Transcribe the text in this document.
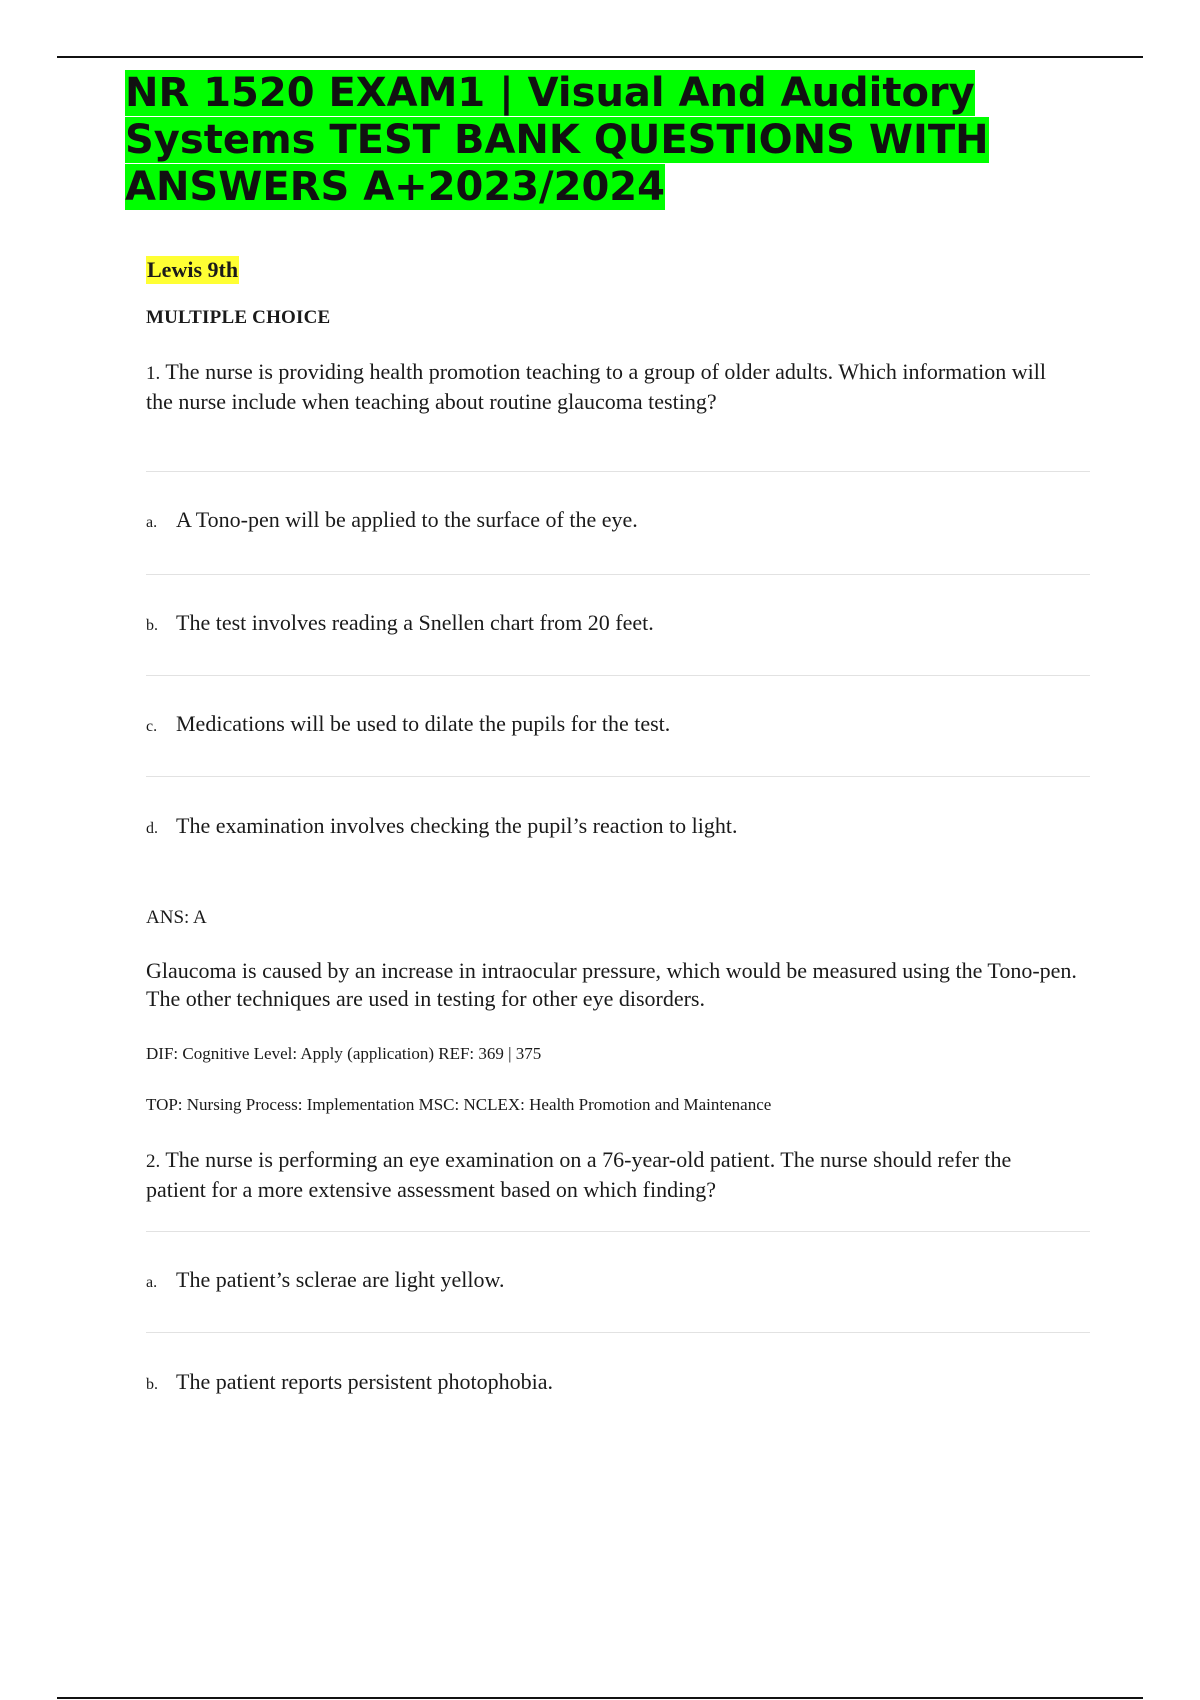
NR 1520 EXAM1 | Visual And Auditory Systems TEST BANK QUESTIONS WITH ANSWERS A+2023/2024
Lewis 9th
MULTIPLE CHOICE

1. The nurse is providing health promotion teaching to a group of older adults. Which information will the nurse include when teaching about routine glaucoma testing?

a. A Tono-pen will be applied to the surface of the eye.
b. The test involves reading a Snellen chart from 20 feet.
c. Medications will be used to dilate the pupils for the test.
d. The examination involves checking the pupil’s reaction to light.
ANS: A

Glaucoma is caused by an increase in intraocular pressure, which would be measured using the Tono-pen. The other techniques are used in testing for other eye disorders.

DIF: Cognitive Level: Apply (application) REF: 369 | 375
TOP: Nursing Process: Implementation MSC: NCLEX: Health Promotion and Maintenance

2. The nurse is performing an eye examination on a 76-year-old patient. The nurse should refer the patient for a more extensive assessment based on which finding?

a. The patient’s sclerae are light yellow.
b. The patient reports persistent photophobia.
